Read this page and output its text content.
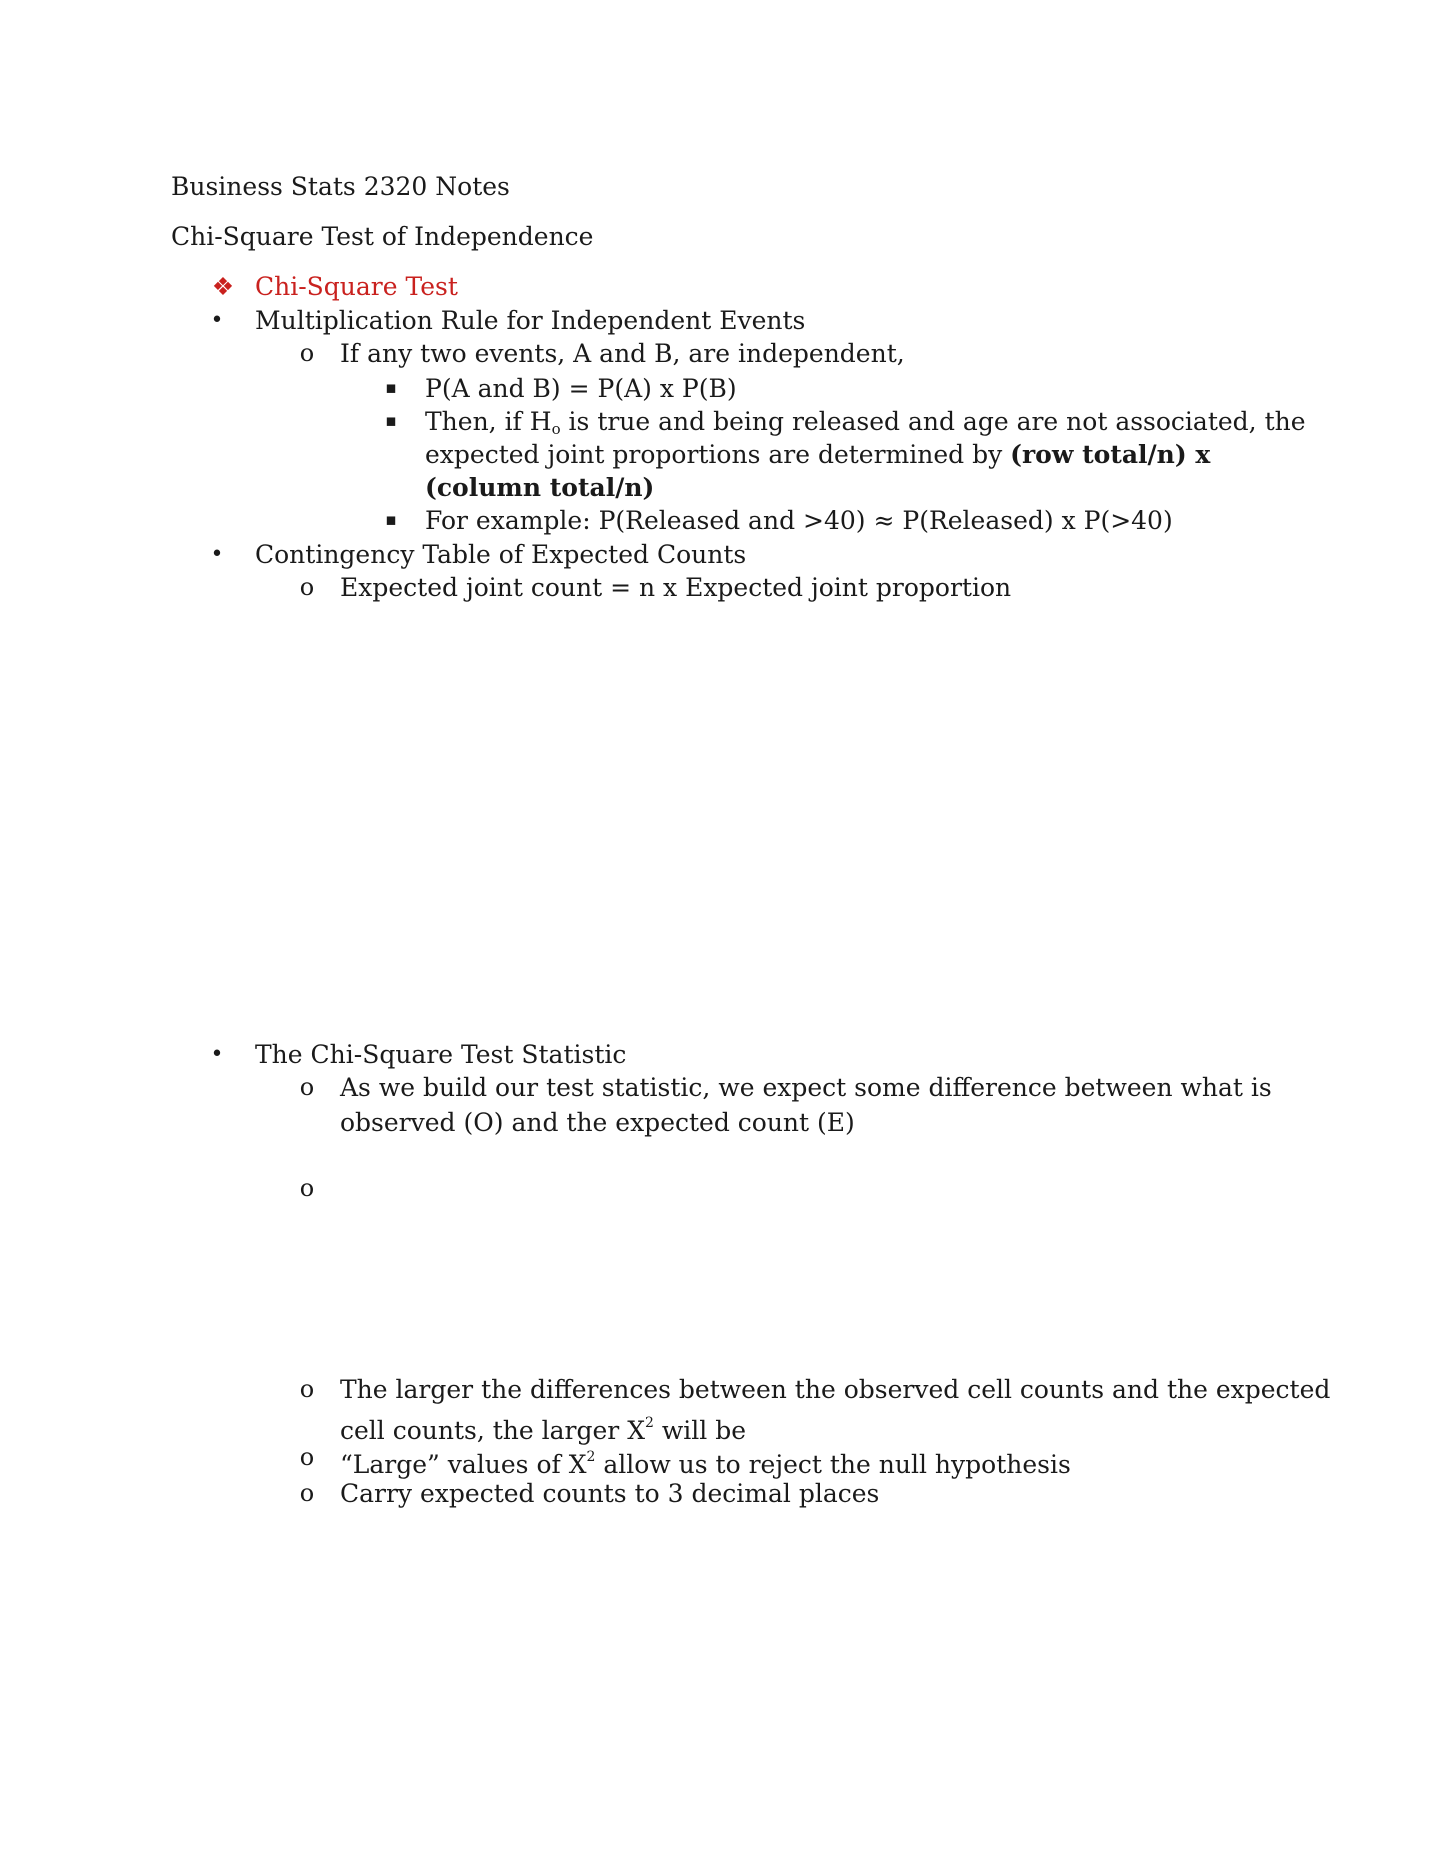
Business Stats 2320 Notes
Chi-Square Test of Independence
❖ Chi-Square Test
• Multiplication Rule for Independent Events
o If any two events, A and B, are independent,
▪ P(A and B) = P(A) x P(B)
▪ Then, if $H_o$ is true and being released and age are not associated, the
expected joint proportions are determined by (row total/n) x
(column total/n)
▪ For example: P(Released and >40) ≈ P(Released) x P(>40)
• Contingency Table of Expected Counts
o Expected joint count = n x Expected joint proportion
• The Chi-Square Test Statistic
o As we build our test statistic, we expect some difference between what is
observed (O) and the expected count (E)
o
o The larger the differences between the observed cell counts and the expected
cell counts, the larger $X^2$ will be
o “Large” values of $X^2$ allow us to reject the null hypothesis
o Carry expected counts to 3 decimal places
